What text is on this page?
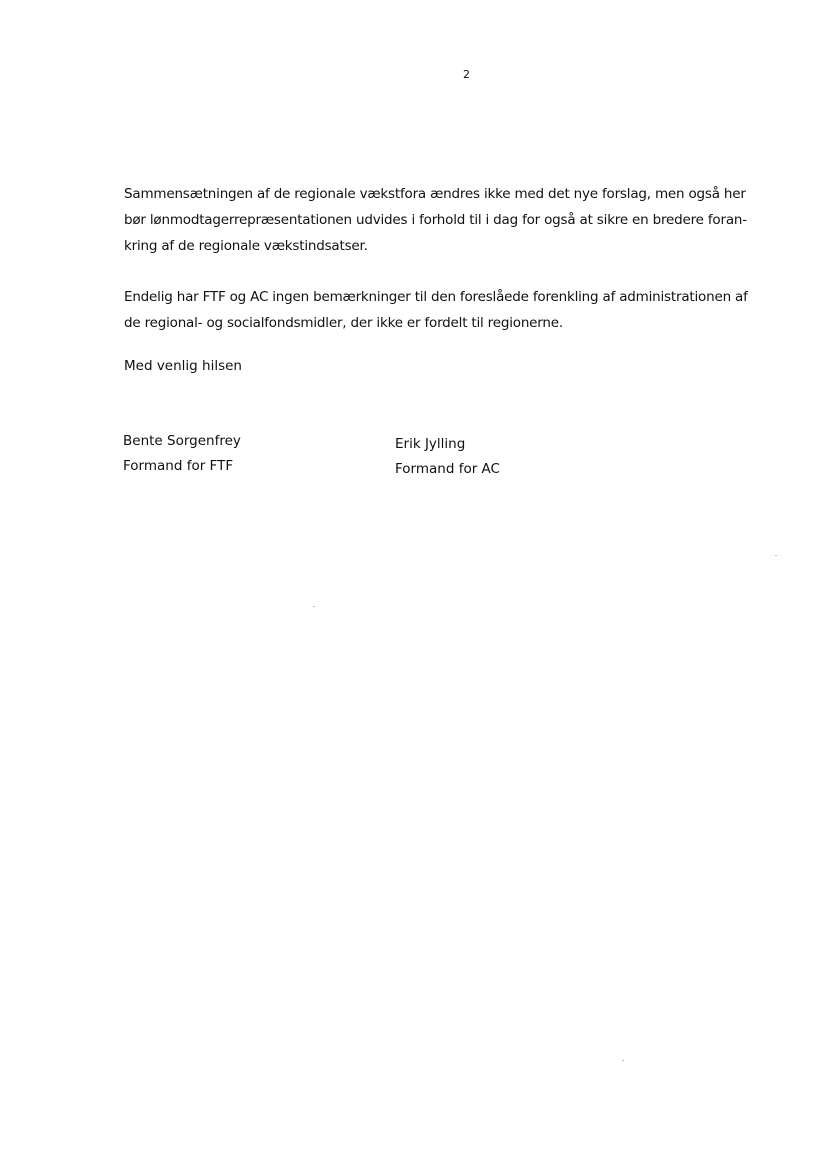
2

Sammensætningen af de regionale vækstfora ændres ikke med det nye forslag, men også her
bør lønmodtagerrepræsentationen udvides i forhold til i dag for også at sikre en bredere foran-
kring af de regionale vækstindsatser.

Endelig har FTF og AC ingen bemærkninger til den foreslåede forenkling af administrationen af
de regional- og socialfondsmidler, der ikke er fordelt til regionerne.

Med venlig hilsen
Bente Sorgenfrey
Formand for FTF
Erik Jylling
Formand for AC
